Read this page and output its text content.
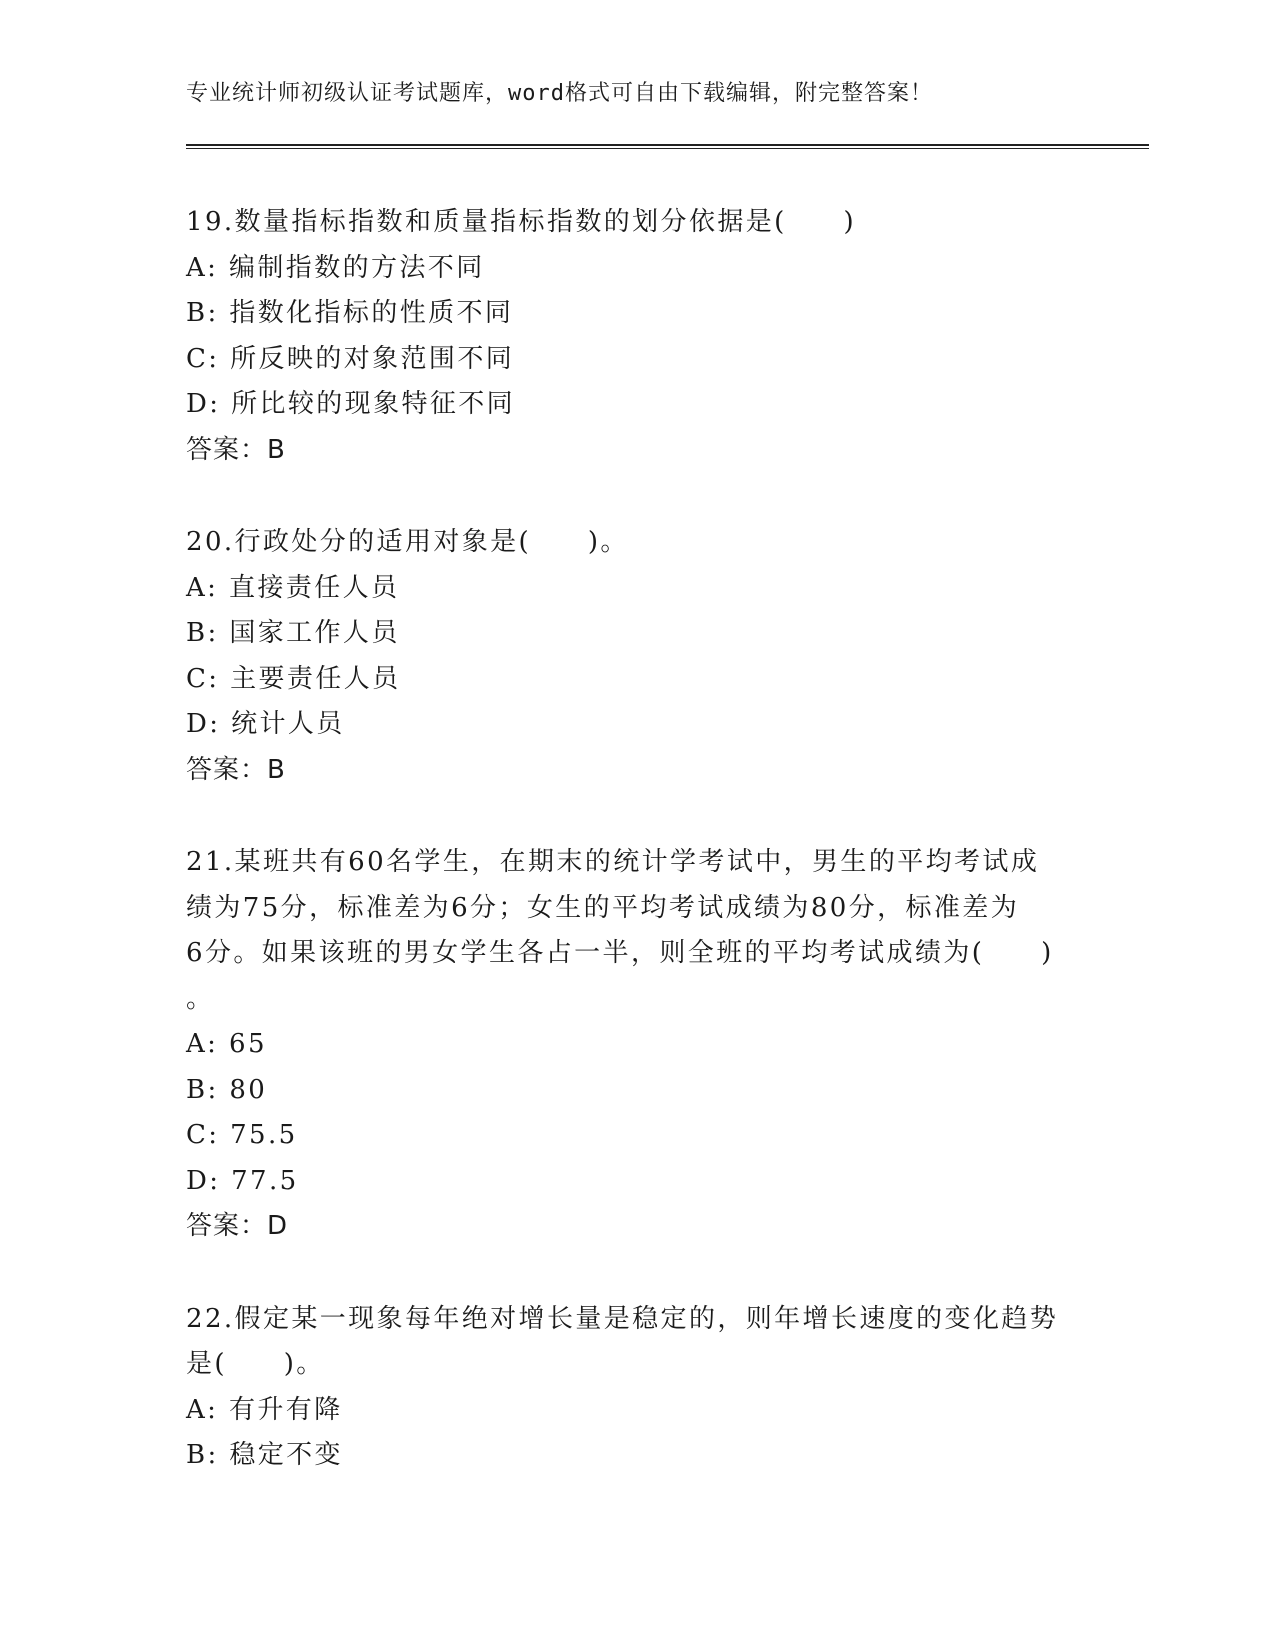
专业统计师初级认证考试题库，word格式可自由下载编辑，附完整答案！
19.数量指标指数和质量指标指数的划分依据是(　　)
A: 编制指数的方法不同
B: 指数化指标的性质不同
C: 所反映的对象范围不同
D: 所比较的现象特征不同
答案：B
20.行政处分的适用对象是(　　)。
A: 直接责任人员
B: 国家工作人员
C: 主要责任人员
D: 统计人员
答案：B
21.某班共有60名学生，在期末的统计学考试中，男生的平均考试成
绩为75分，标准差为6分；女生的平均考试成绩为80分，标准差为
6分。如果该班的男女学生各占一半，则全班的平均考试成绩为(　　)
。
A: 65
B: 80
C: 75.5
D: 77.5
答案：D
22.假定某一现象每年绝对增长量是稳定的，则年增长速度的变化趋势
是(　　)。
A: 有升有降
B: 稳定不变
